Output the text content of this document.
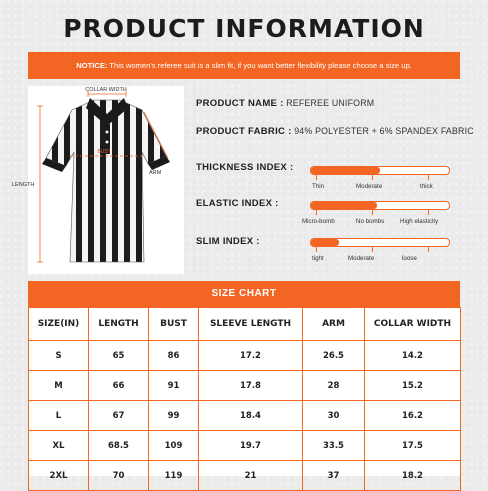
PRODUCT INFORMATION
NOTICE: This women's referee suit is a slim fit, if you want better flexibility please choose a size up.
COLLAR WIDTH
LENGTH
BUST
ARM
PRODUCT NAME : REFEREE UNIFORM
PRODUCT FABRIC : 94% POLYESTER + 6% SPANDEX FABRIC
THICKNESS INDEX :
Thin	Moderate	thick
ELASTIC INDEX :
Micro-bomb	No bombs	High elasticity
SLIM INDEX :
tight	Moderate	loose
SIZE CHART
SIZE(IN)	LENGTH	BUST	SLEEVE LENGTH	ARM	COLLAR WIDTH
S	65	86	17.2	26.5	14.2
M	66	91	17.8	28	15.2
L	67	99	18.4	30	16.2
XL	68.5	109	19.7	33.5	17.5
2XL	70	119	21	37	18.2
